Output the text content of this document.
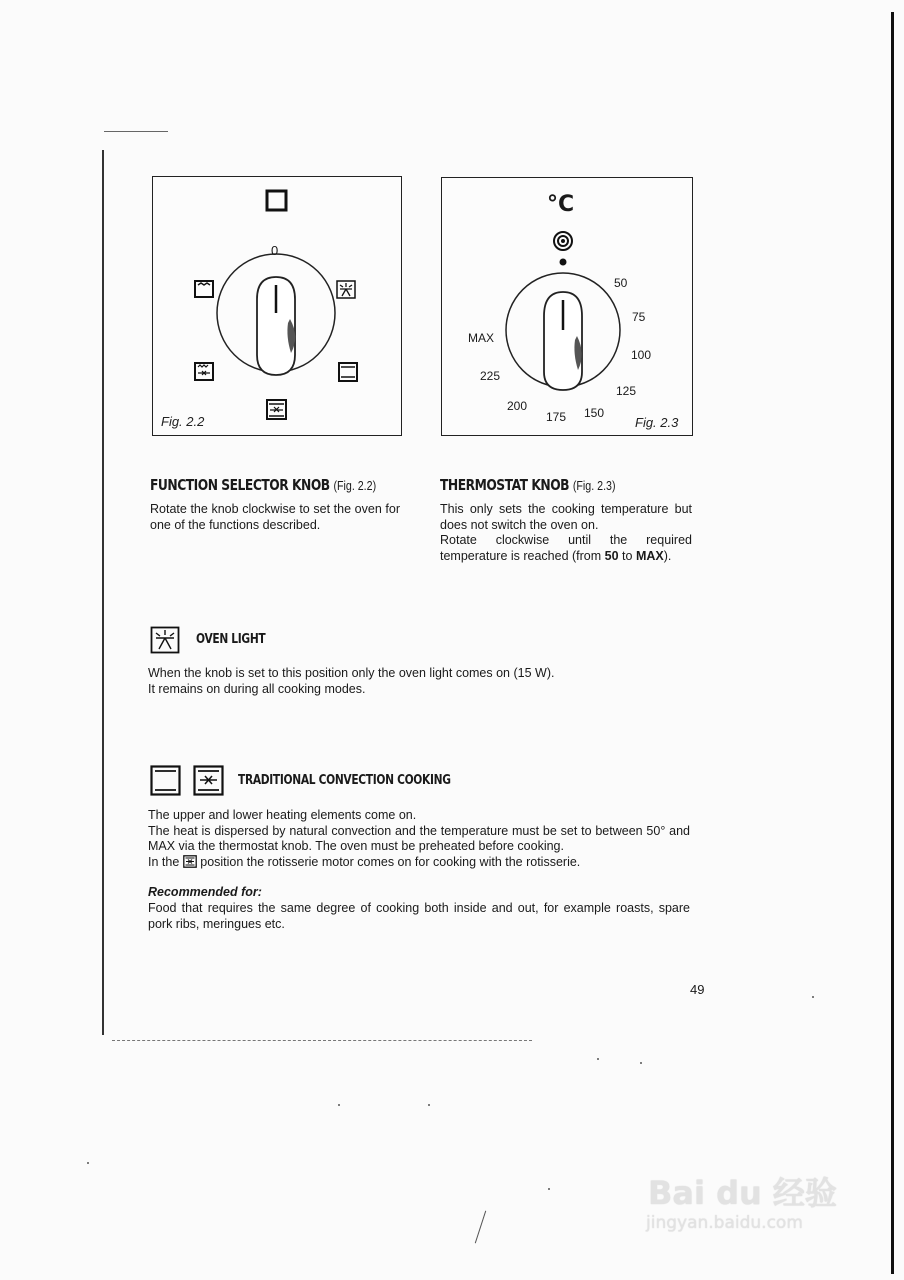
0
Fig. 2.2
°C
50
75
100
125
150
175
200
225
MAX
Fig. 2.3
FUNCTION SELECTOR KNOB (Fig. 2.2)
Rotate the knob clockwise to set the oven for one of the functions described.
THERMOSTAT KNOB (Fig. 2.3)
This only sets the cooking temperature but does not switch the oven on.
Rotate clockwise until the required temperature is reached (from 50 to MAX).
OVEN LIGHT
When the knob is set to this position only the oven light comes on (15 W).
It remains on during all cooking modes.
TRADITIONAL CONVECTION COOKING
The upper and lower heating elements come on.
The heat is dispersed by natural convection and the temperature must be set to between 50° and MAX via the thermostat knob. The oven must be preheated before cooking.
In the position the rotisserie motor comes on for cooking with the rotisserie.
Recommended for:
Food that requires the same degree of cooking both inside and out, for example roasts, spare pork ribs, meringues etc.
49
Bai du 经验
jingyan.baidu.com
